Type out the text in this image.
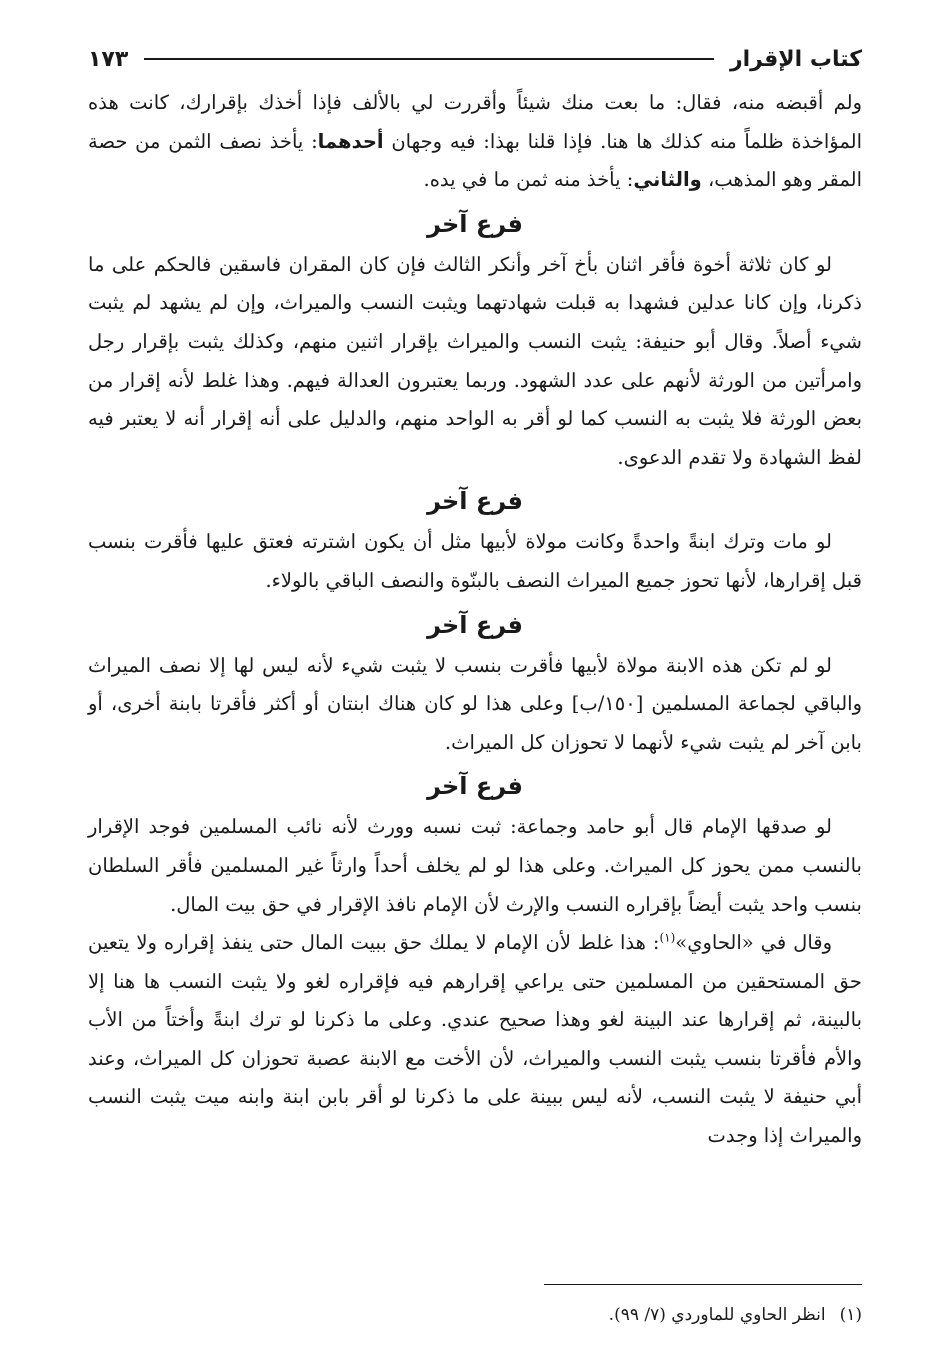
كتاب الإقرار
١٧٣

ولم أقبضه منه، فقال: ما بعت منك شيئاً وأقررت لي بالألف فإذا أخذك بإقرارك، كانت هذه المؤاخذة ظلماً منه كذلك ها هنا. فإذا قلنا بهذا: فيه وجهان أحدهما: يأخذ نصف الثمن من حصة المقر وهو المذهب، والثاني: يأخذ منه ثمن ما في يده.

فرع آخر

لو كان ثلاثة أخوة فأقر اثنان بأخ آخر وأنكر الثالث فإن كان المقران فاسقين فالحكم على ما ذكرنا، وإن كانا عدلين فشهدا به قبلت شهادتهما ويثبت النسب والميراث، وإن لم يشهد لم يثبت شيء أصلاً. وقال أبو حنيفة: يثبت النسب والميراث بإقرار اثنين منهم، وكذلك يثبت بإقرار رجل وامرأتين من الورثة لأنهم على عدد الشهود. وربما يعتبرون العدالة فيهم. وهذا غلط لأنه إقرار من بعض الورثة فلا يثبت به النسب كما لو أقر به الواحد منهم، والدليل على أنه إقرار أنه لا يعتبر فيه لفظ الشهادة ولا تقدم الدعوى.

فرع آخر

لو مات وترك ابنةً واحدةً وكانت مولاة لأبيها مثل أن يكون اشترته فعتق عليها فأقرت بنسب قبل إقرارها، لأنها تحوز جميع الميراث النصف بالبنّوة والنصف الباقي بالولاء.

فرع آخر

لو لم تكن هذه الابنة مولاة لأبيها فأقرت بنسب لا يثبت شيء لأنه ليس لها إلا نصف الميراث والباقي لجماعة المسلمين [١٥٠/ب] وعلى هذا لو كان هناك ابنتان أو أكثر فأقرتا بابنة أخرى، أو بابن آخر لم يثبت شيء لأنهما لا تحوزان كل الميراث.

فرع آخر

لو صدقها الإمام قال أبو حامد وجماعة: ثبت نسبه وورث لأنه نائب المسلمين فوجد الإقرار بالنسب ممن يحوز كل الميراث. وعلى هذا لو لم يخلف أحداً وارثاً غير المسلمين فأقر السلطان بنسب واحد يثبت أيضاً بإقراره النسب والإرث لأن الإمام نافذ الإقرار في حق بيت المال.

وقال في «الحاوي»$^{(١)}$: هذا غلط لأن الإمام لا يملك حق ببيت المال حتى ينفذ إقراره ولا يتعين حق المستحقين من المسلمين حتى يراعي إقرارهم فيه فإقراره لغو ولا يثبت النسب ها هنا إلا بالبينة، ثم إقرارها عند البينة لغو وهذا صحيح عندي. وعلى ما ذكرنا لو ترك ابنةً وأختاً من الأب والأم فأقرتا بنسب يثبت النسب والميراث، لأن الأخت مع الابنة عصبة تحوزان كل الميراث، وعند أبي حنيفة لا يثبت النسب، لأنه ليس ببينة على ما ذكرنا لو أقر بابن ابنة وابنه ميت يثبت النسب والميراث إذا وجدت

(١)انظر الحاوي للماوردي (٧/ ٩٩).
